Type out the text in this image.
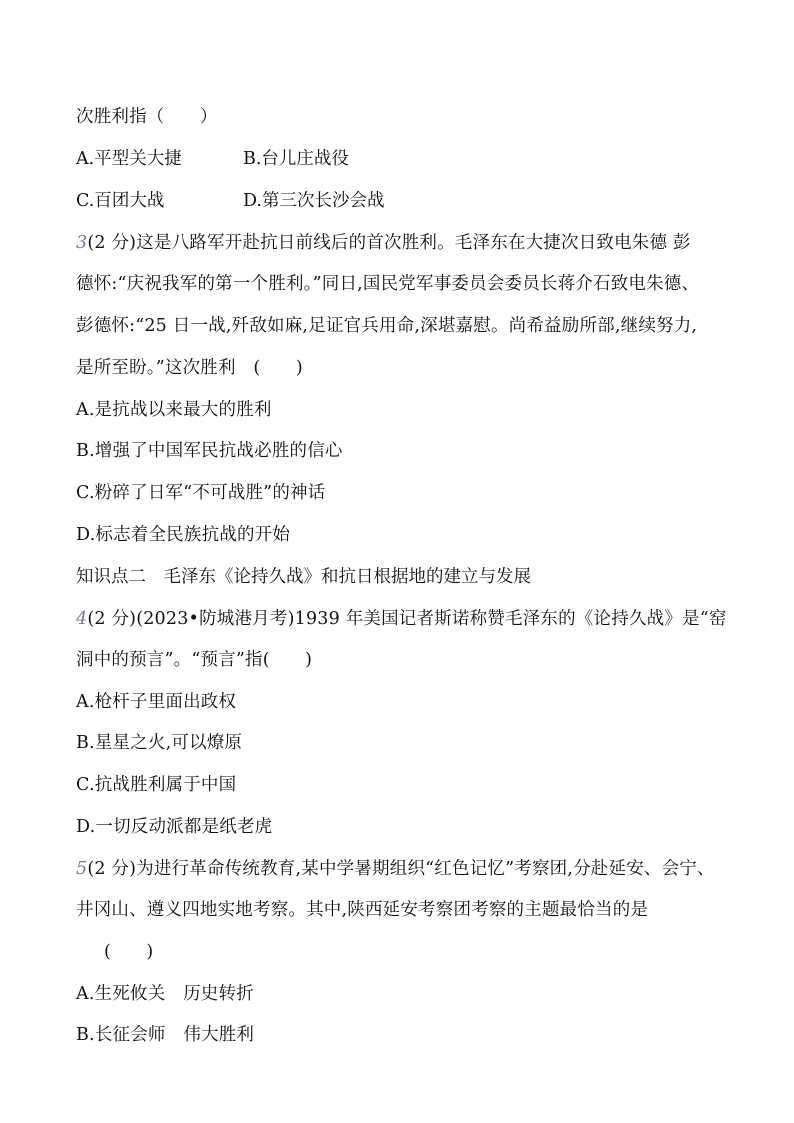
次胜利指（　　）
A.平型关大捷	B.台儿庄战役
C.百团大战	D.第三次长沙会战
3(2 分)这是八路军开赴抗日前线后的首次胜利。毛泽东在大捷次日致电朱德 彭
德怀:“庆祝我军的第一个胜利。”同日,国民党军事委员会委员长蒋介石致电朱德、
彭德怀:“25 日一战,歼敌如麻,足证官兵用命,深堪嘉慰。尚希益励所部,继续努力,
是所至盼。”这次胜利　(　　)
A.是抗战以来最大的胜利
B.增强了中国军民抗战必胜的信心
C.粉碎了日军“不可战胜”的神话
D.标志着全民族抗战的开始
知识点二　毛泽东《论持久战》和抗日根据地的建立与发展
4(2 分)(2023•防城港月考)1939 年美国记者斯诺称赞毛泽东的《论持久战》是“窑
洞中的预言”。“预言”指(　　)
A.枪杆子里面出政权
B.星星之火,可以燎原
C.抗战胜利属于中国
D.一切反动派都是纸老虎
5(2 分)为进行革命传统教育,某中学暑期组织“红色记忆”考察团,分赴延安、会宁、
井冈山、遵义四地实地考察。其中,陕西延安考察团考察的主题最恰当的是
(　　)
A.生死攸关　历史转折
B.长征会师　伟大胜利
